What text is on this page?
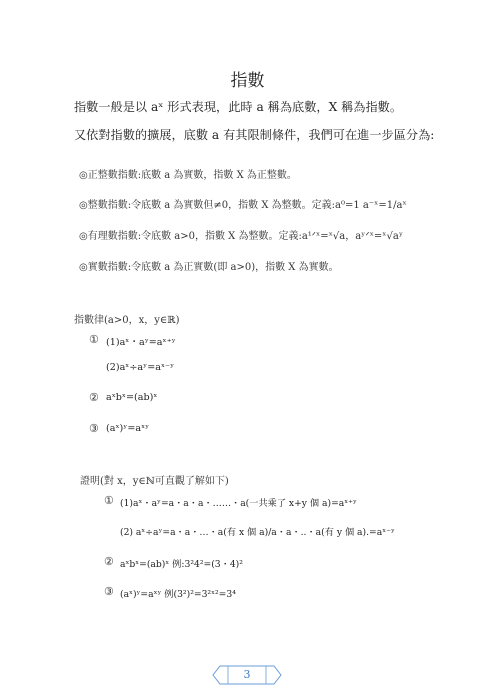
指數
指數一般是以 aˣ 形式表現，此時 a 稱為底數，X 稱為指數。
又依對指數的擴展，底數 a 有其限制條件，我們可在進一步區分為:
◎正整數指數:底數 a 為實數，指數 X 為正整數。
◎整數指數:令底數 a 為實數但≠0，指數 X 為整數。定義:a⁰=1 a⁻ˣ=1/aˣ
◎有理數指數:令底數 a>0，指數 X 為整數。定義:a¹ᐟˣ=ˣ√a，aʸᐟˣ=ˣ√aʸ
◎實數指數:令底數 a 為正實數(即 a>0)，指數 X 為實數。
指數律(a>0，x，y∈ℝ)
① (1)aˣ・aʸ=aˣ⁺ʸ
(2)aˣ÷aʸ=aˣ⁻ʸ
② aˣbˣ=(ab)ˣ
③ (aˣ)ʸ=aˣʸ
證明(對 x，y∈ℕ可直觀了解如下)
① (1)aˣ・aʸ=a・a・a・……・a(一共乘了 x+y 個 a)=aˣ⁺ʸ
(2) aˣ÷aʸ=a・a・…・a(有 x 個 a)/a・a・..・a(有 y 個 a).=aˣ⁻ʸ
② aˣbˣ=(ab)ˣ 例:3²4²=(3・4)²
③ (aˣ)ʸ=aˣʸ 例(3²)²=3²ˣ²=3⁴
3
